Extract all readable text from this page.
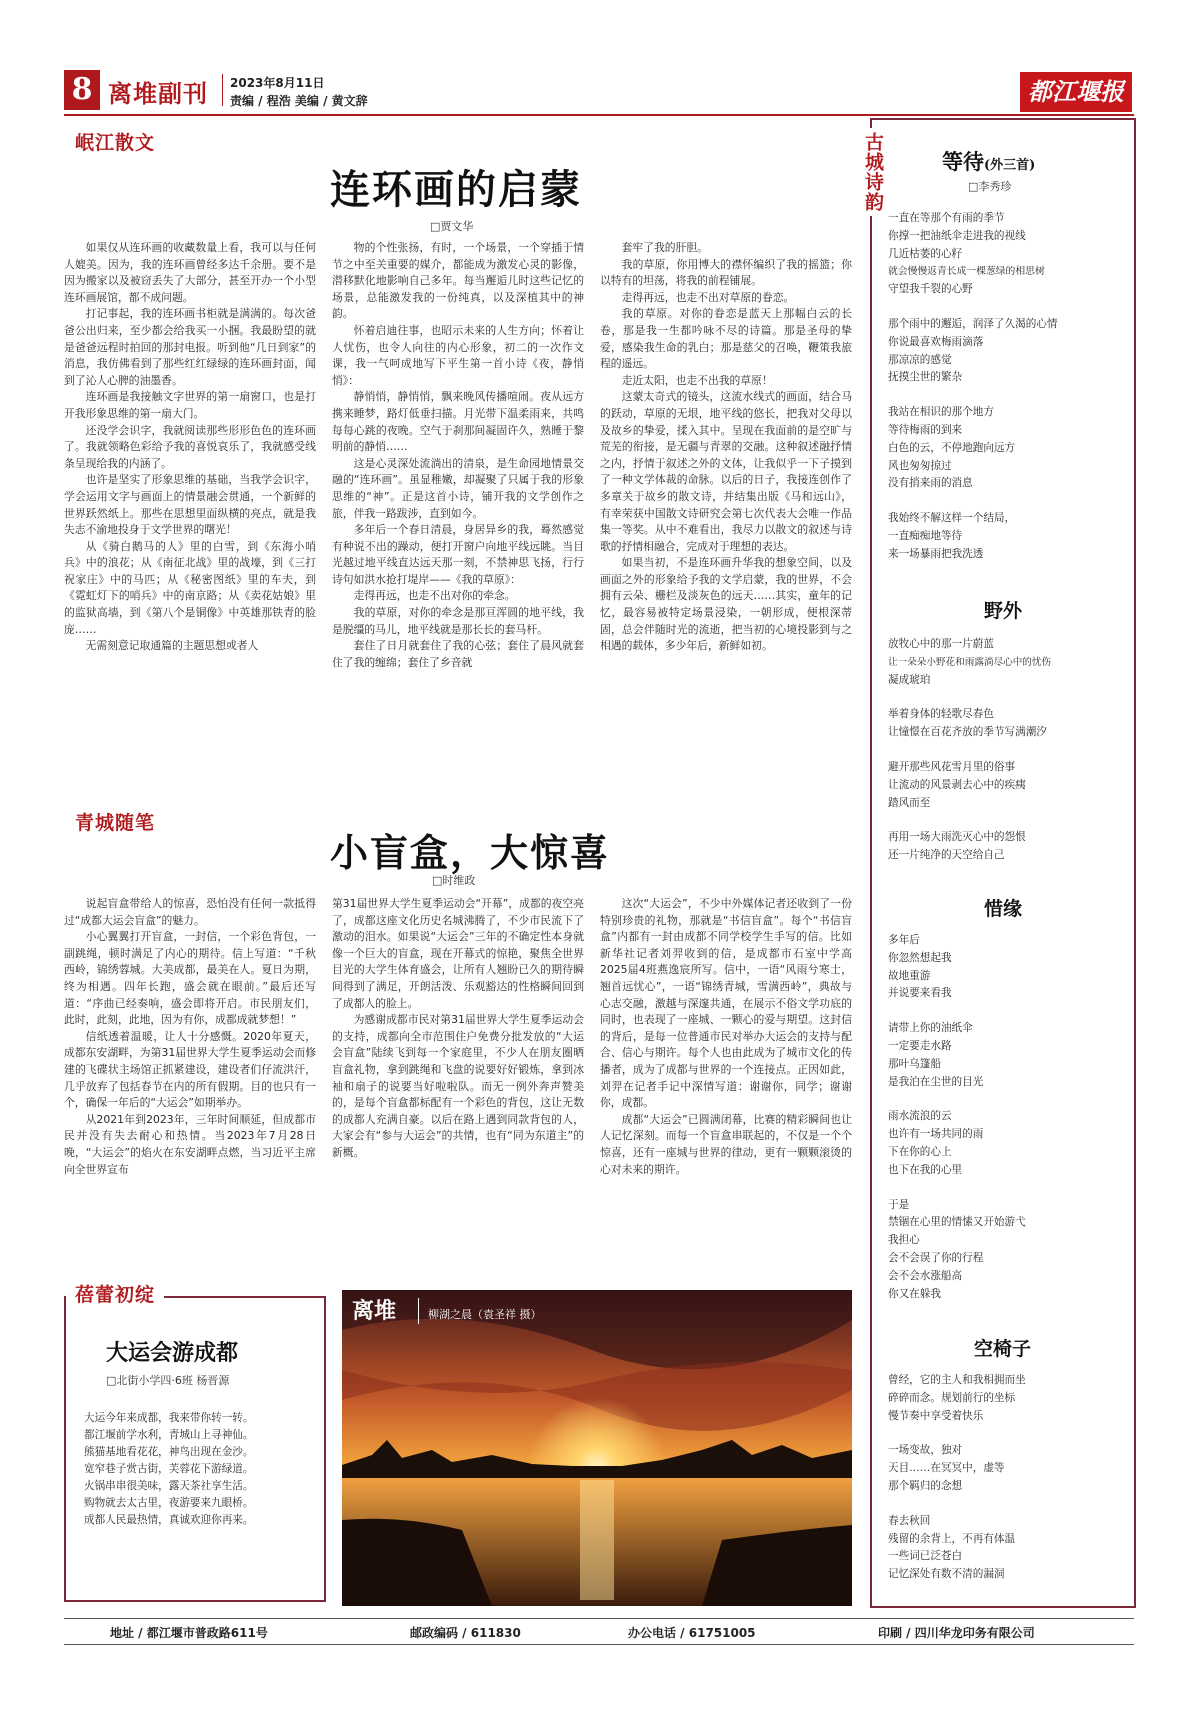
8 离堆副刊 2023年8月11日
责编 / 程浩 美编 / 黄文辞	都江堰报
岷江散文
连环画的启蒙
□贾文华

如果仅从连环画的收藏数量上看，我可以与任何人媲美。因为，我的连环画曾经多达千余册。要不是因为搬家以及被窃丢失了大部分，甚至开办一个小型连环画展馆，都不成问题。

打记事起，我的连环画书柜就是满满的。每次爸爸公出归来，至少都会给我买一小捆。我最盼望的就是爸爸远程时拍回的那封电报。听到他“几日到家”的消息，我仿佛看到了那些红红绿绿的连环画封面，闻到了沁人心脾的油墨香。

连环画是我接触文字世界的第一扇窗口，也是打开我形象思维的第一扇大门。

还没学会识字，我就阅读那些形形色色的连环画了。我就领略色彩给予我的喜悦哀乐了，我就感受线条呈现给我的内涵了。

也许是坚实了形象思维的基础，当我学会识字，学会运用文字与画面上的情景融会贯通，一个新鲜的世界跃然纸上。那些在思想里面纵横的亮点，就是我失志不渝地投身于文学世界的曙光！

从《骑白鹅马的人》里的白雪，到《东海小哨兵》中的浪花；从《南征北战》里的战壕，到《三打祝家庄》中的马匹；从《秘密图纸》里的车夫，到《霓虹灯下的哨兵》中的南京路；从《卖花姑娘》里的监狱高墙，到《第八个是铜像》中英雄那铁青的脸庞……

无需刻意记取通篇的主题思想或者人

物的个性张扬，有时，一个场景，一个穿插于情节之中至关重要的媒介，都能成为激发心灵的影像，潜移默化地影响自己多年。每当邂逅儿时这些记忆的场景，总能激发我的一份纯真，以及深植其中的神韵。

怀着启迪往事，也昭示未来的人生方向；怀着让人忧伤，也令人向往的内心形象，初二的一次作文课，我一气呵成地写下平生第一首小诗《夜，静悄悄》：

静悄悄，静悄悄，飘来晚风传播喧闹。夜从远方携来睡梦，路灯低垂扫描。月光带下温柔雨来，共鸣每每心跳的夜晚。空气于刹那间凝固许久，熟睡于黎明前的静悄……

这是心灵深处流淌出的清泉，是生命园地情景交融的“连环画”。虽显稚嫩，却凝聚了只属于我的形象思维的“神”。正是这首小诗，铺开我的文学创作之旅，伴我一路跋涉，直到如今。

多年后一个春日清晨，身居异乡的我，蓦然感觉有种说不出的躁动，便打开窗户向地平线远眺。当目光越过地平线直达远天那一刻，不禁神思飞扬，行行诗句如洪水抢打堤岸——《我的草原》：

走得再远，也走不出对你的牵念。

我的草原，对你的牵念是那亘浑圆的地平线，我是脱缰的马儿，地平线就是那长长的套马杆。

套住了日月就套住了我的心弦；套住了晨风就套住了我的缠绵；套住了乡音就

套牢了我的肝胆。

我的草原，你用博大的襟怀编织了我的摇篮；你以特有的坦荡，将我的前程铺展。

走得再远，也走不出对草原的眷恋。

我的草原。对你的眷恋是蓝天上那幅白云的长卷，那是我一生都吟咏不尽的诗篇。那是圣母的挚爱，感染我生命的乳白；那是慈父的召唤，鞭策我旅程的遥远。

走近太阳，也走不出我的草原！

这蒙太奇式的镜头，这流水线式的画面，结合马的跃动，草原的无垠，地平线的悠长，把我对父母以及故乡的挚爱，揉入其中。呈现在我面前的是空旷与荒芜的衔接，是无疆与青翠的交融。这种叙述融抒情之内，抒情于叙述之外的文体，让我似乎一下子摸到了一种文学体裁的命脉。以后的日子，我接连创作了多章关于故乡的散文诗，并结集出版《马和远山》，有幸荣获中国散文诗研究会第七次代表大会唯一作品集一等奖。从中不难看出，我尽力以散文的叙述与诗歌的抒情相融合，完成对于理想的表达。

如果当初，不是连环画升华我的想象空间，以及画面之外的形象给予我的文学启蒙，我的世界，不会拥有云朵、栅栏及淡灰色的远天……其实，童年的记忆，最容易被特定场景浸染，一朝形成，便根深蒂固，总会伴随时光的流逝，把当初的心境投影到与之相遇的载体，多少年后，新鲜如初。

青城随笔
小盲盒，大惊喜
□时维政

说起盲盒带给人的惊喜，恐怕没有任何一款抵得过“成都大运会盲盒”的魅力。

小心翼翼打开盲盒，一封信，一个彩色背包，一副跳绳，顿时满足了内心的期待。信上写道：“千秋西岭，锦绣蓉城。大美成都，最美在人。夏日为期，终为相遇。四年长跑，盛会就在眼前。”最后还写道：“序曲已经奏响，盛会即将开启。市民朋友们，此时，此刻，此地，因为有你，成都成就梦想！”

信纸透着温暖，让人十分感慨。2020年夏天，成都东安湖畔，为第31届世界大学生夏季运动会而修建的飞碟状主场馆正抓紧建设，建设者们仔流洪汗，几乎放弃了包括春节在内的所有假期。目的也只有一个，确保一年后的“大运会”如期举办。

从2021年到2023年，三年时间顺延，但成都市民并没有失去耐心和热情。当2023年7月28日晚，“大运会”的焰火在东安湖畔点燃，当习近平主席向全世界宣布

第31届世界大学生夏季运动会“开幕”，成都的夜空亮了，成都这座文化历史名城沸腾了，不少市民流下了激动的泪水。如果说“大运会”三年的不确定性本身就像一个巨大的盲盒，现在开幕式的惊艳，聚焦全世界目光的大学生体育盛会，让所有人翘盼已久的期待瞬间得到了满足，开朗活泼、乐观豁达的性格瞬间回到了成都人的脸上。

为感谢成都市民对第31届世界大学生夏季运动会的支持，成都向全市范围住户免费分批发放的“大运会盲盒”陆续飞到每一个家庭里，不少人在朋友圈晒盲盒礼物，拿到跳绳和飞盘的说要好好锻炼，拿到冰袖和扇子的说要当好啦啦队。而无一例外奔声赞美的，是每个盲盒都标配有一个彩色的背包，这让无数的成都人充满自豪。以后在路上遇到同款背包的人，大家会有“参与大运会”的共情，也有“同为东道主”的新概。

这次“大运会”，不少中外媒体记者还收到了一份特别珍贵的礼物，那就是“书信盲盒”。每个“书信盲盒”内都有一封由成都不同学校学生手写的信。比如新华社记者刘羿收到的信，是成都市石室中学高2025届4班燕逸宸所写。信中，一语“风雨兮寒士，翘首远忧心”，一语“锦绣青城，雪满西岭”，典故与心志交融，激越与深邃共通，在展示不俗文学功底的同时，也表现了一座城、一颗心的爱与期望。这封信的背后，是每一位普通市民对举办大运会的支持与配合、信心与期许。每个人也由此成为了城市文化的传播者，成为了成都与世界的一个连接点。正因如此，刘羿在记者手记中深情写道：谢谢你，同学；谢谢你，成都。

成都“大运会”已圆满闭幕，比赛的精彩瞬间也让人记忆深刻。而每一个盲盒串联起的，不仅是一个个惊喜，还有一座城与世界的律动，更有一颗颗滚烫的心对未来的期许。

蓓蕾初绽
大运会游成都
□北街小学四·6班 杨晋源
大运今年来成都，我来带你转一转。
都江堰前学水利，青城山上寻神仙。
熊猫基地看花花，神鸟出现在金沙。
宽窄巷子赏古街，芙蓉花下游绿道。
火锅串串很美味，露天茶社享生活。
购物就去太古里，夜游要来九眼桥。
成都人民最热情，真诚欢迎你再来。
离堆	柳湖之晨（袁圣祥 摄）
古城诗韵	等待(外三首)
□李秀珍
一直在等那个有雨的季节
你撑一把油纸伞走进我的视线
几近枯萎的心籽
就会慢慢返青长成一棵葱绿的相思树
守望我千裂的心野
那个雨中的邂逅，润泽了久渴的心情
你说最喜欢梅雨滴落
那凉凉的感觉
抚摸尘世的繁杂
我站在相识的那个地方
等待梅雨的到来
白色的云，不停地跑向远方
风也匆匆掠过
没有捎来雨的消息
我始终不解这样一个结局，
一直痴痴地等待
来一场暴雨把我洗透
野外
放牧心中的那一片蔚蓝
让一朵朵小野花和雨露淌尽心中的忧伤
凝成琥珀
举着身体的轻歌尽春色
让憧憬在百花齐放的季节写满潮汐
避开那些风花雪月里的俗事
让流动的风景剥去心中的疾痍
踏风而至
再用一场大雨洗灭心中的怨恨
还一片纯净的天空给自己
惜缘
多年后
你忽然想起我
故地重游
并说要来看我
请带上你的油纸伞
一定要走水路
那叶乌篷船
是我泊在尘世的目光
雨水流浪的云
也许有一场共同的雨
下在你的心上
也下在我的心里
于是
禁锢在心里的情愫又开始游弋
我担心
会不会误了你的行程
会不会水涨船高
你又在躲我
空椅子
曾经，它的主人和我相拥而坐
碎碎而念。规划前行的坐标
慢节奏中享受着快乐
一场变故，独对
天目……在冥冥中，虚等
那个羁归的念想
春去秋回
残留的余背上，不再有体温
一些词已泛苍白
记忆深处有数不清的漏洞
地址 / 都江堰市普政路611号	邮政编码 / 611830	办公电话 / 61751005	印刷 / 四川华龙印务有限公司
